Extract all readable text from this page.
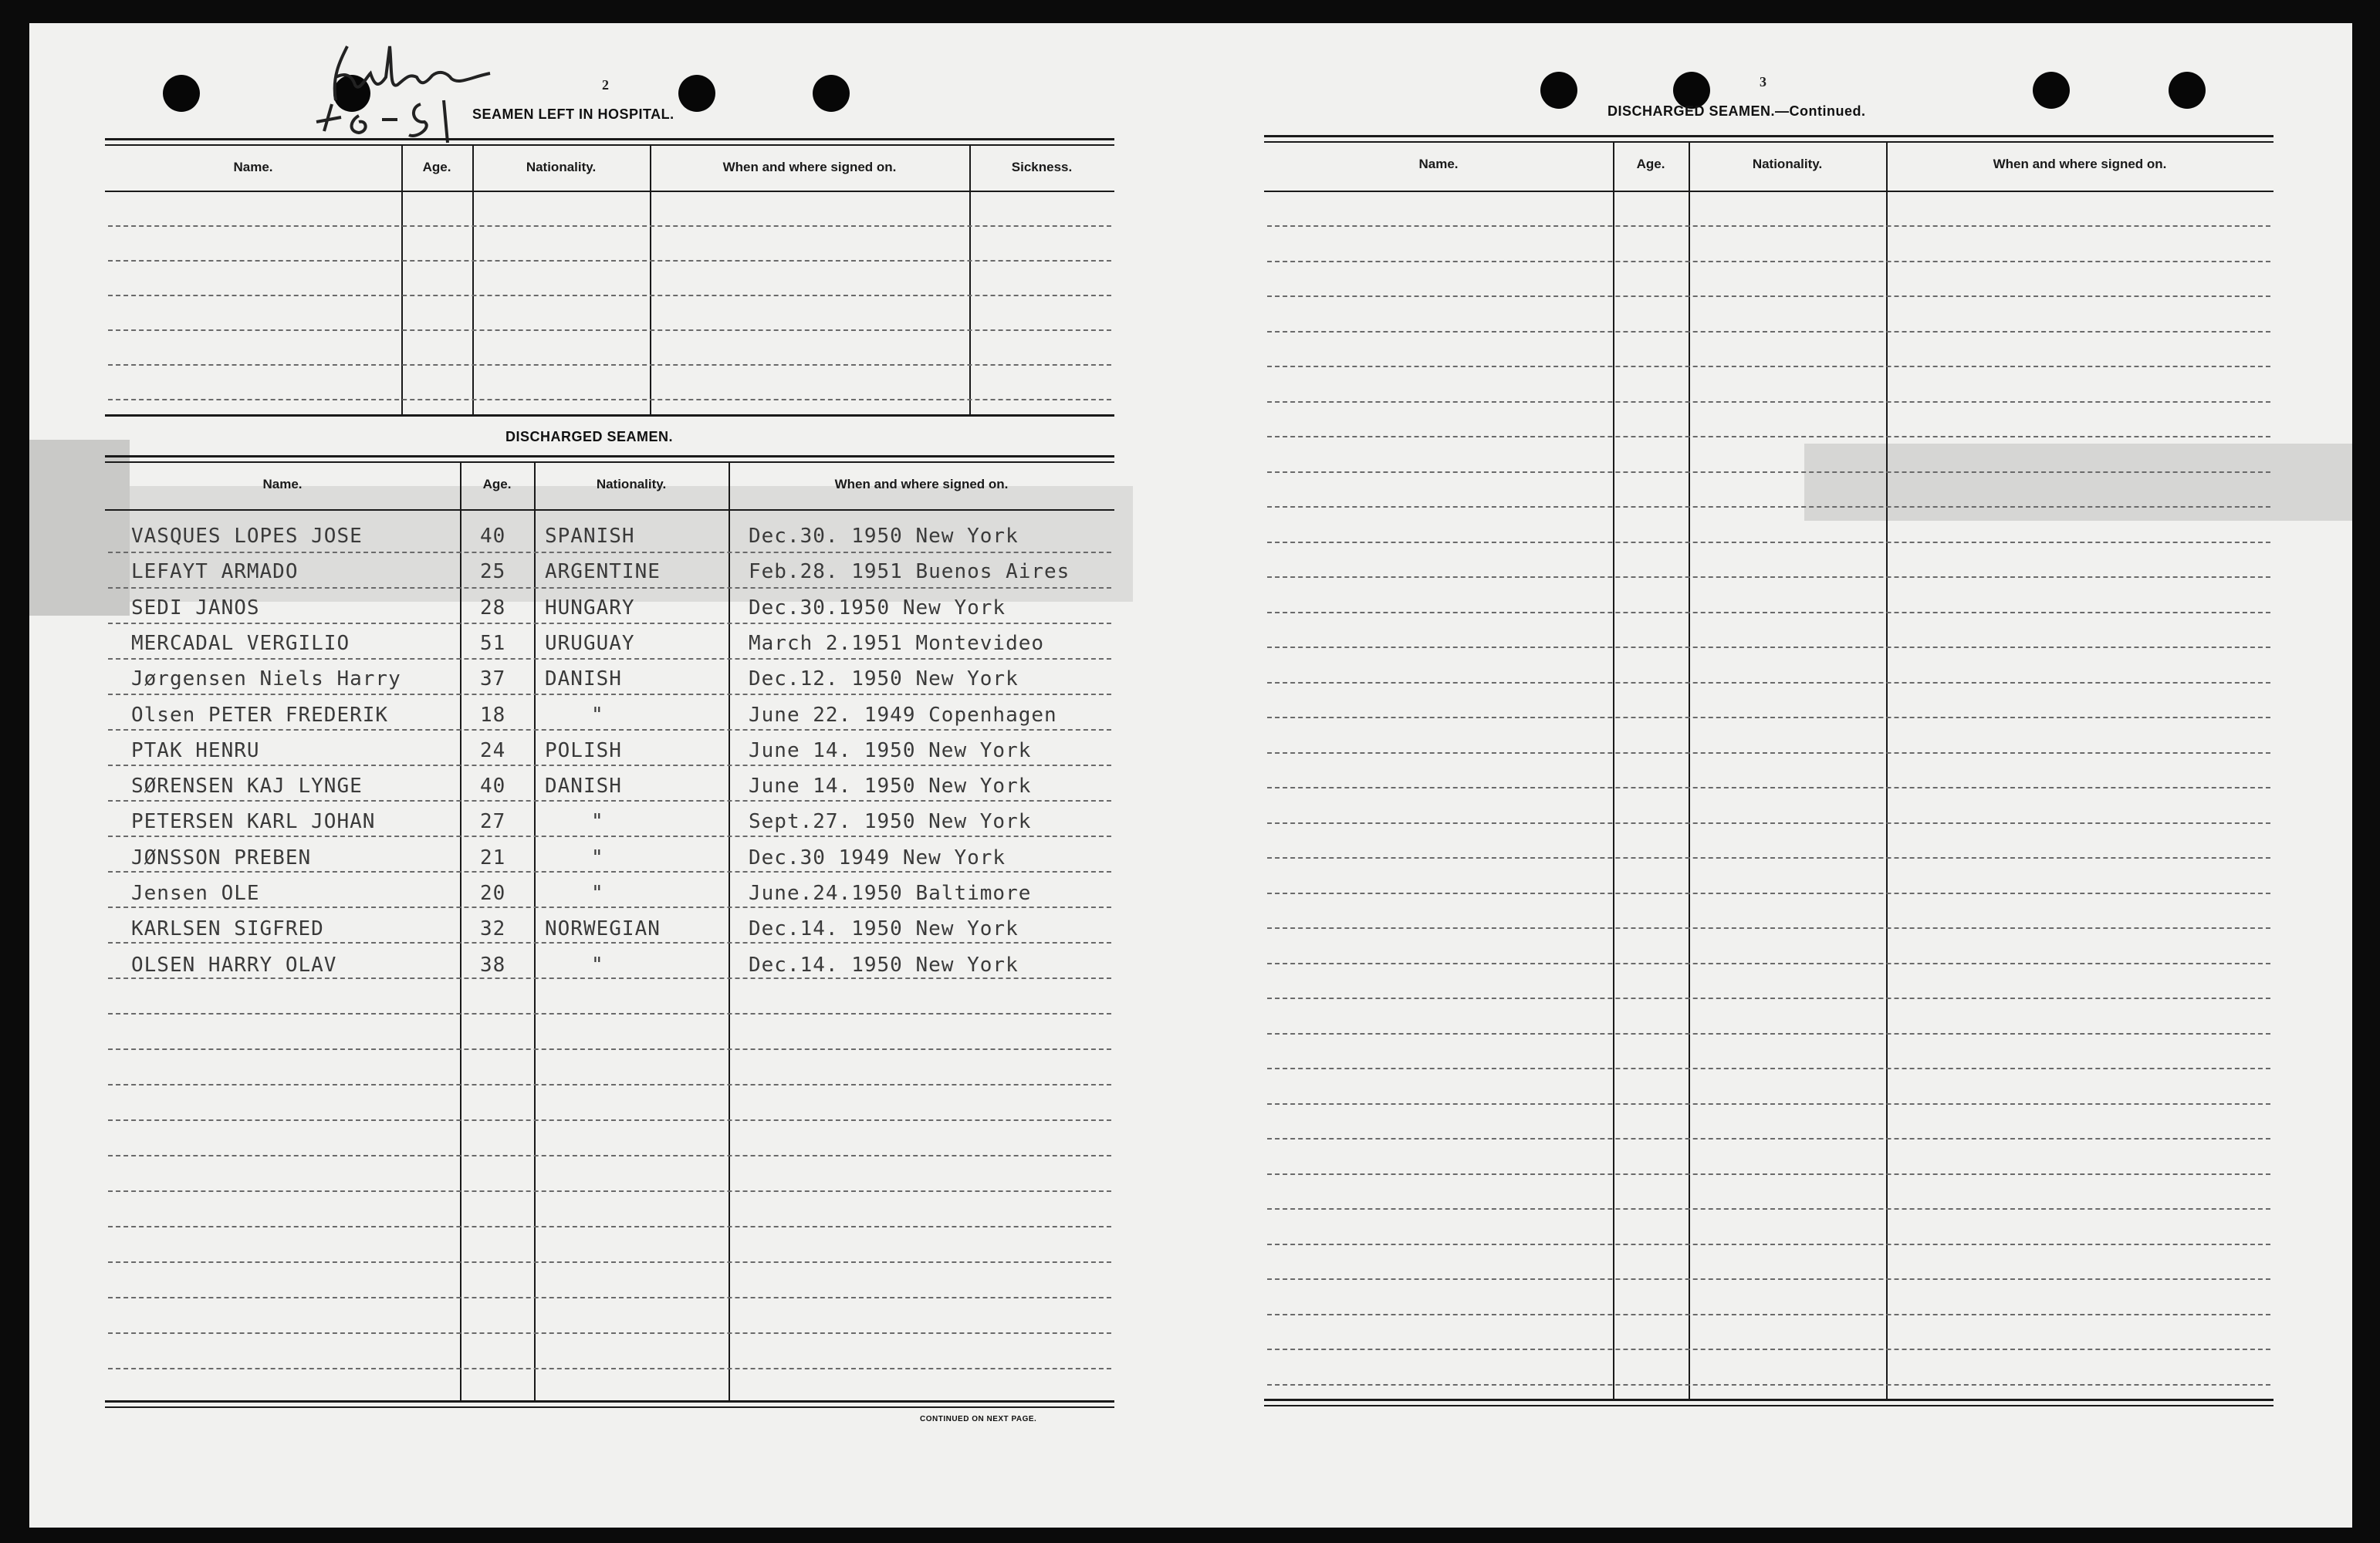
2
SEAMEN LEFT IN HOSPITAL.
Name.	Age.	Nationality.	When and where signed on.	Sickness.
DISCHARGED SEAMEN.
Name.	Age.	Nationality.	When and where signed on.
VASQUES LOPES JOSE	40 SPANISH	Dec.30. 1950 New York
LEFAYT ARMADO	25 ARGENTINE	Feb.28. 1951 Buenos Aires
SEDI JANOS	28 HUNGARY	Dec.30.1950 New York
MERCADAL VERGILIO	51 URUGUAY	March 2.1951 Montevideo
Jørgensen Niels Harry	37 DANISH	Dec.12. 1950 New York
Olsen PETER FREDERIK	18	"	June 22. 1949 Copenhagen
PTAK HENRU	24 POLISH	June 14. 1950 New York
SØRENSEN KAJ LYNGE	40 DANISH	June 14. 1950 New York
PETERSEN KARL JOHAN	27	"	Sept.27. 1950 New York
JØNSSON PREBEN	21	"	Dec.30 1949 New York
Jensen OLE	20	"	June.24.1950 Baltimore
KARLSEN SIGFRED	32 NORWEGIAN	Dec.14. 1950 New York
OLSEN HARRY OLAV	38	"	Dec.14. 1950 New York
CONTINUED ON NEXT PAGE.
3
DISCHARGED SEAMEN.—Continued.
Name.	Age.	Nationality.	When and where signed on.
